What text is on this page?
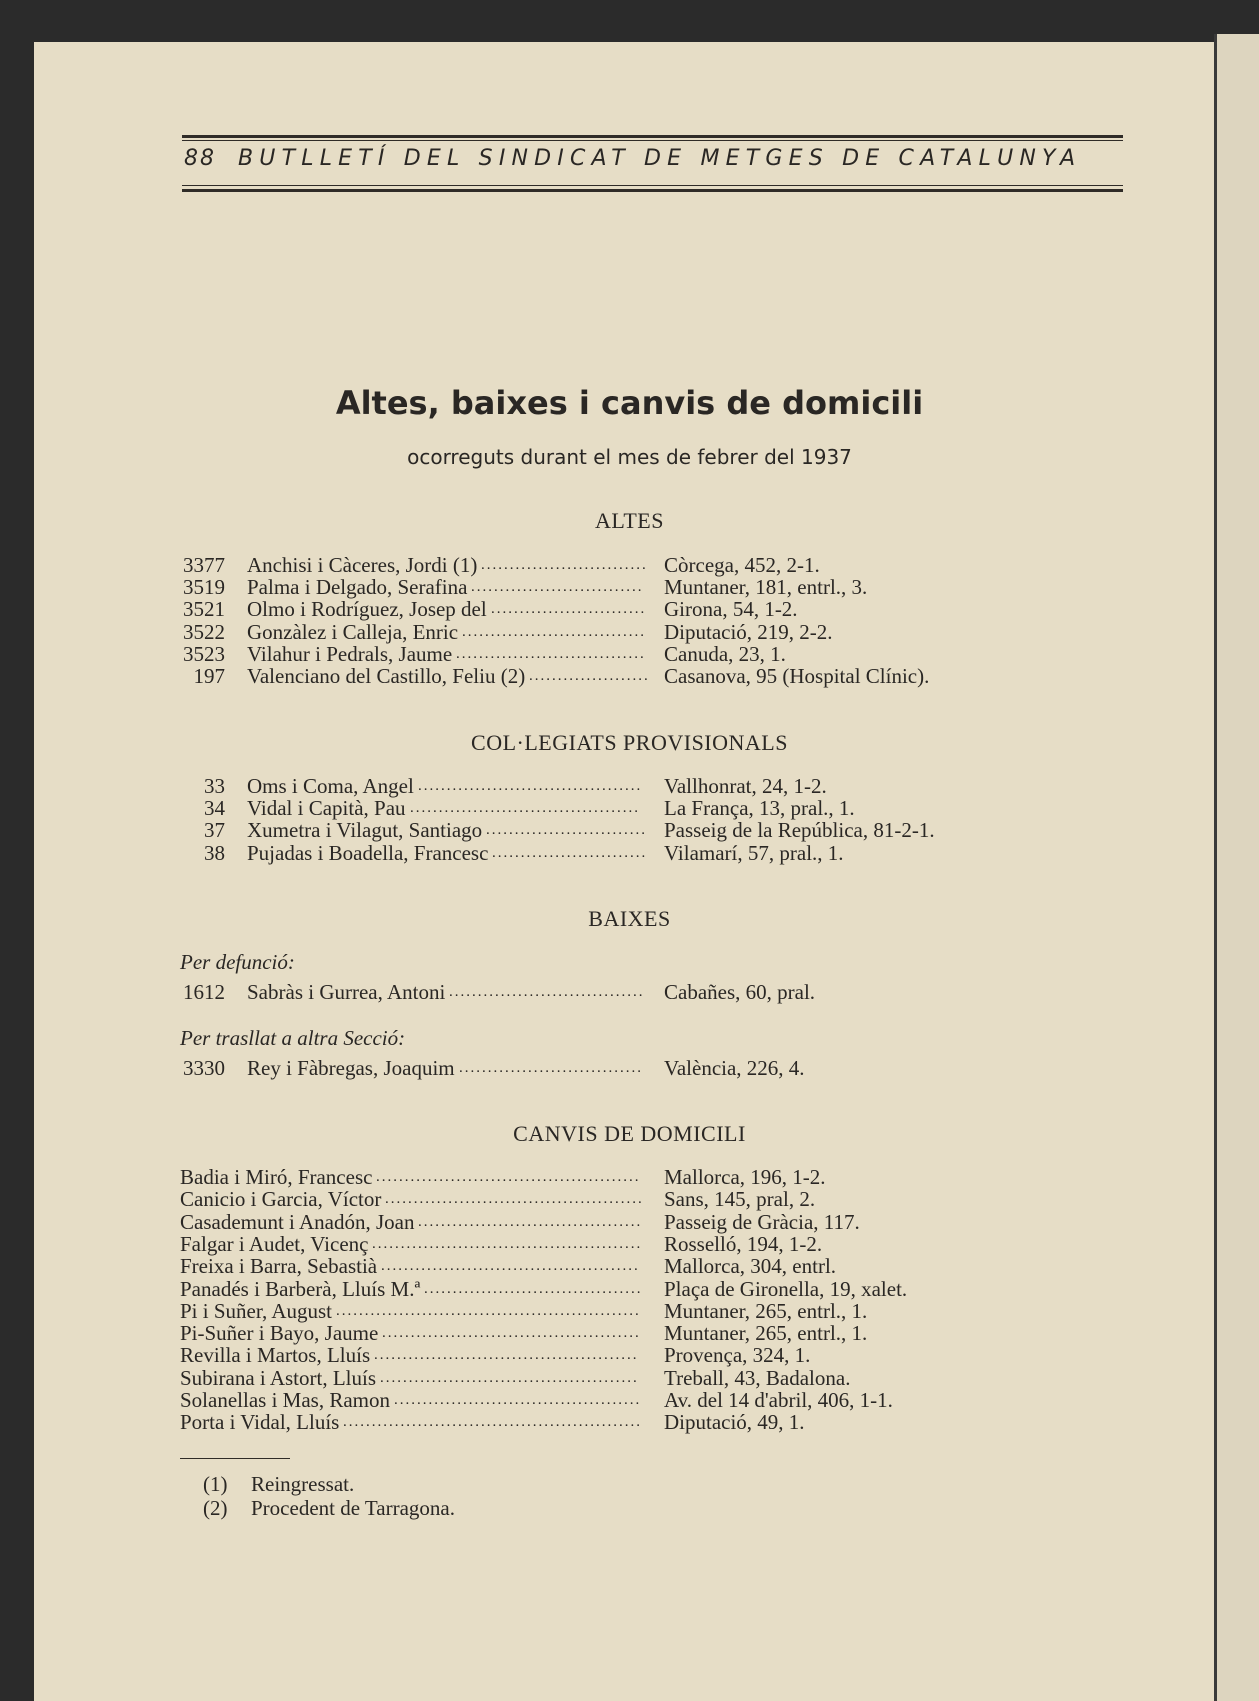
88 BUTLLETÍ DEL SINDICAT DE METGES DE CATALUNYA
Altes, baixes i canvis de domicili
ocorreguts durant el mes de febrer del 1937
ALTES
3377 Anchisi i Càceres, Jordi (1)	Còrcega, 452, 2-1.
.............................
3519 Palma i Delgado, Serafina	Muntaner, 181, entrl., 3.
..............................
3521 Olmo i Rodríguez, Josep del	Girona, 54, 1-2.
...........................
3522 Gonzàlez i Calleja, Enric	Diputació, 219, 2-2.
................................
3523 Vilahur i Pedrals, Jaume	Canuda, 23, 1.
.................................
197 Valenciano del Castillo, Feliu (2)	Casanova, 95 (Hospital Clínic).
.....................
COL·LEGIATS PROVISIONALS
33 Oms i Coma, Angel	Vallhonrat, 24, 1-2.
.......................................
34 Vidal i Capità, Pau	La França, 13, pral., 1.
........................................
37 Xumetra i Vilagut, Santiago	Passeig de la República, 81-2-1.
............................
38 Pujadas i Boadella, Francesc	Vilamarí, 57, pral., 1.
...........................
BAIXES
Per defunció:
1612 Sabràs i Gurrea, Antoni	Cabañes, 60, pral.
..................................
Per trasllat a altra Secció:
3330 Rey i Fàbregas, Joaquim	València, 226, 4.
................................
CANVIS DE DOMICILI
Badia i Miró, Francesc	Mallorca, 196, 1-2.
..............................................
Canicio i Garcia, Víctor	Sans, 145, pral, 2.
.............................................
Casademunt i Anadón, Joan	Passeig de Gràcia, 117.
.......................................
Falgar i Audet, Vicenç	Rosselló, 194, 1-2.
...............................................
Freixa i Barra, Sebastià	Mallorca, 304, entrl.
.............................................
Panadés i Barberà, Lluís M.ª	Plaça de Gironella, 19, xalet.
......................................
Pi i Suñer, August	Muntaner, 265, entrl., 1.
.....................................................
Pi-Suñer i Bayo, Jaume	Muntaner, 265, entrl., 1.
.............................................
Revilla i Martos, Lluís	Provença, 324, 1.
..............................................
Subirana i Astort, Lluís	Treball, 43, Badalona.
.............................................
Solanellas i Mas, Ramon	Av. del 14 d'abril, 406, 1-1.
...........................................
Porta i Vidal, Lluís	Diputació, 49, 1.
....................................................
(1) Reingressat.
(2) Procedent de Tarragona.
